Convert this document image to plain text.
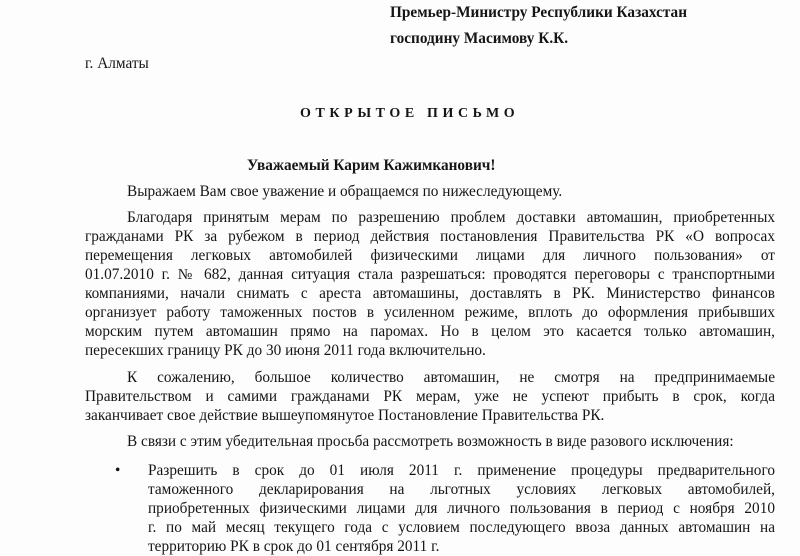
Премьер-Министру Республики Казахстан
господину Масимову К.К.
г. Алматы
ОТКРЫТОЕ ПИСЬМО
Уважаемый Карим Кажимканович!
Выражаем Вам свое уважение и обращаемся по нижеследующему.
Благодаря принятым мерам по разрешению проблем доставки автомашин, приобретенных
гражданами РК за рубежом в период действия постановления Правительства РК «О вопросах
перемещения легковых автомобилей физическими лицами для личного пользования» от
01.07.2010 г. № 682, данная ситуация стала разрешаться: проводятся переговоры с транспортными
компаниями, начали снимать с ареста автомашины, доставлять в РК. Министерство финансов
организует работу таможенных постов в усиленном режиме, вплоть до оформления прибывших
морским путем автомашин прямо на паромах. Но в целом это касается только автомашин,
пересекших границу РК до 30 июня 2011 года включительно.
К сожалению, большое количество автомашин, не смотря на предпринимаемые
Правительством и самими гражданами РК мерам, уже не успеют прибыть в срок, когда
заканчивает свое действие вышеупомянутое Постановление Правительства РК.
В связи с этим убедительная просьба рассмотреть возможность в виде разового исключения:
• Разрешить в срок до 01 июля 2011 г. применение процедуры предварительного
таможенного декларирования на льготных условиях легковых автомобилей,
приобретенных физическими лицами для личного пользования в период с ноября 2010
г. по май месяц текущего года с условием последующего ввоза данных автомашин на
территорию РК в срок до 01 сентября 2011 г.
